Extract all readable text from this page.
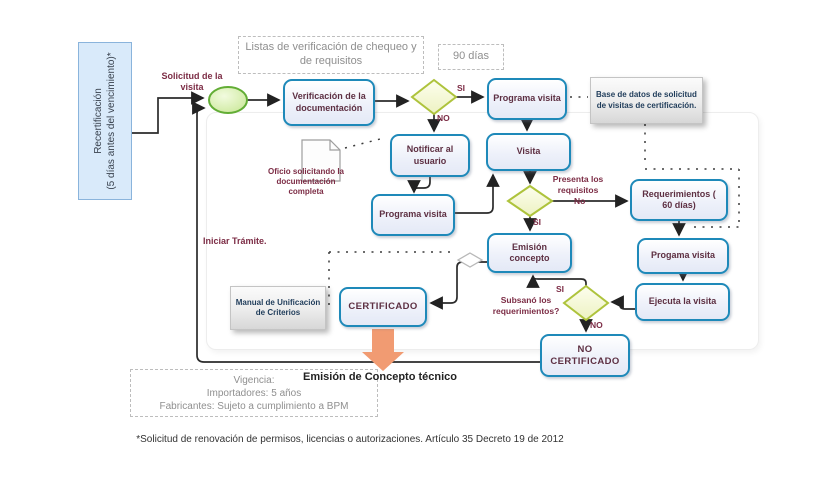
Recertificación (5 días antes del vencimiento)*
Listas de verificación de chequeo y de requisitos	90 días
Vigencia:
Importadores: 5 años
Fabricantes: Sujeto a cumplimiento a BPM
Base de datos de solicitud de visitas de certificación.
Manual de Unificación de Criterios
Verificación de la documentación
Programa visita
Notificar al usuario
Visita
Programa visita
Requerimientos ( 60 días)
Emisión concepto	Progama visita
Ejecuta la visita
CERTIFICADO
NO CERTIFICADO
Solicitud de la visita	SI
NO
Oficio solicitando la documentación completa
Presenta los requisitos
No
SI
Iniciar Trámite.
SI
Subsanó los requerimientos?
NO
Emisión de Concepto técnico
*Solicitud de renovación de permisos, licencias o autorizaciones. Artículo 35 Decreto 19 de 2012
